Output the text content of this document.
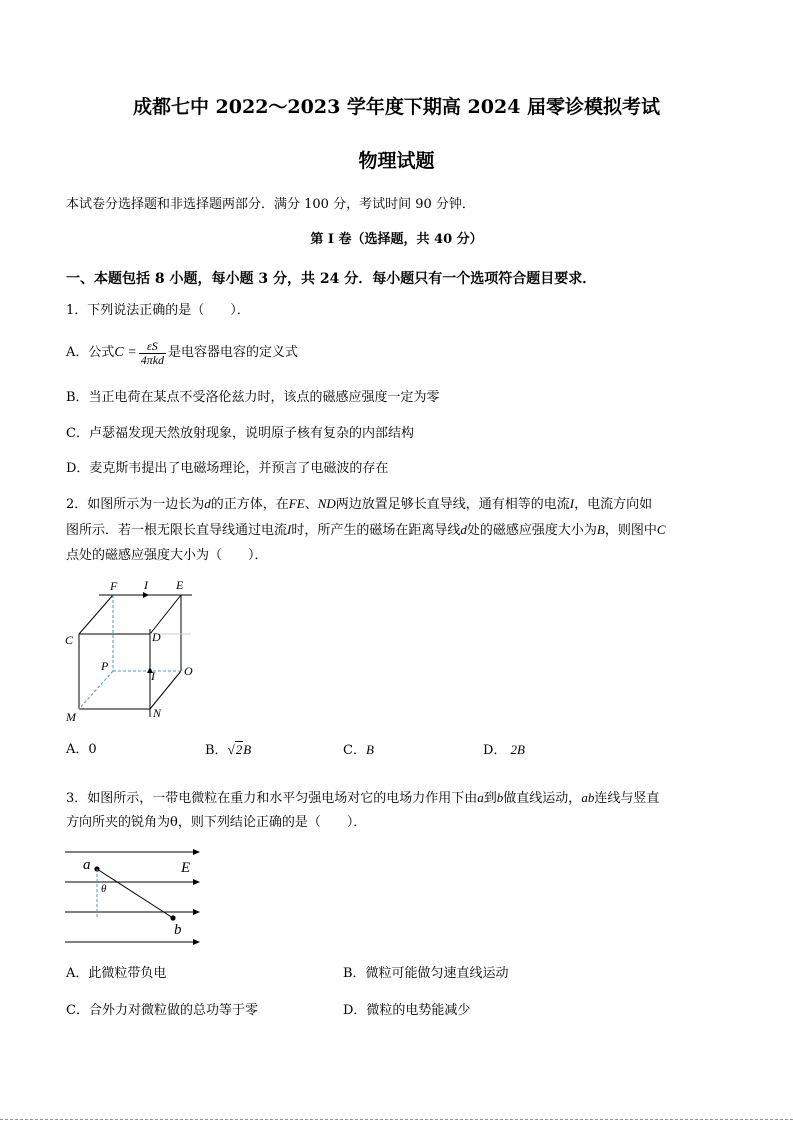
成都七中 2022～2023 学年度下期高 2024 届零诊模拟考试
物理试题
本试卷分选择题和非选择题两部分．满分 100 分，考试时间 90 分钟．
第 I 卷（选择题，共 40 分）
一、本题包括 8 小题，每小题 3 分，共 24 分．每小题只有一个选项符合题目要求．
1．下列说法正确的是（　　）．
A．公式 $C = \frac{\varepsilon S}{\text{4πkd}}$ 是电容器电容的定义式
B．当正电荷在某点不受洛伦兹力时，该点的磁感应强度一定为零
C．卢瑟福发现天然放射现象，说明原子核有复杂的内部结构
D．麦克斯韦提出了电磁场理论，并预言了电磁波的存在
2．如图所示为一边长为d的正方体，在FE、ND两边放置足够长直导线，通有相等的电流I，电流方向如
图所示．若一根无限长直导线通过电流I时，所产生的磁场在距离导线d处的磁感应强度大小为B，则图中C
点处的磁感应强度大小为（　　）．
F I E
C	D
P	O
I
M	N
A．0	B．√2B	C．B	D． 2B
3．如图所示，一带电微粒在重力和水平匀强电场对它的电场力作用下由a到b做直线运动，ab连线与竖直
方向所夹的锐角为θ，则下列结论正确的是（　　）．
a	E
θ
b
A．此微粒带负电	B．微粒可能做匀速直线运动
C．合外力对微粒做的总功等于零	D．微粒的电势能减少
